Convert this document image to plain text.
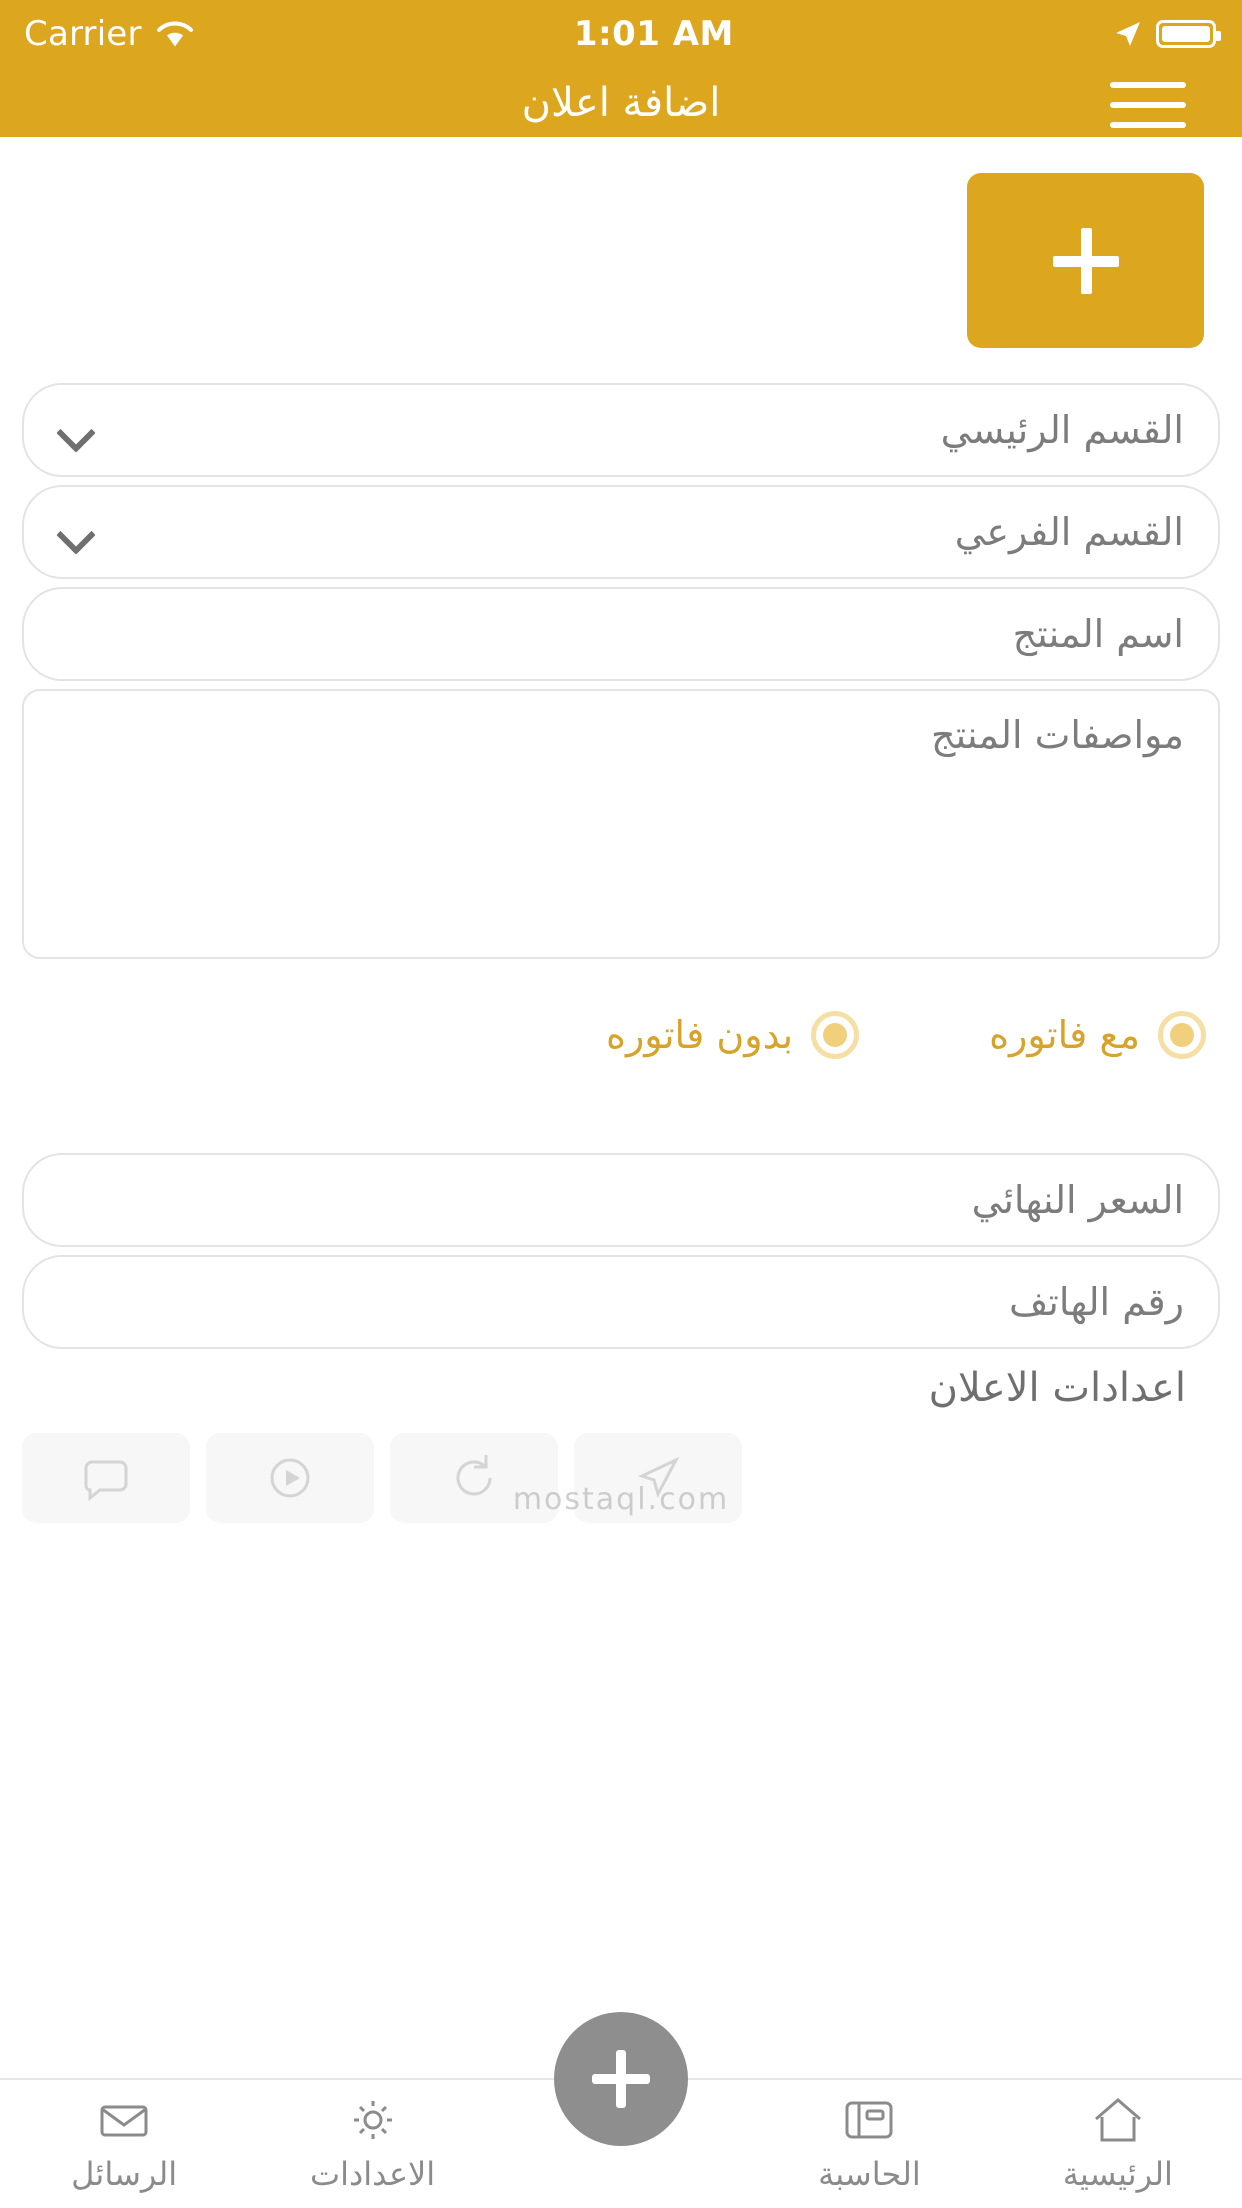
Carrier	1:01 AM
اضافة اعلان
القسم الرئيسي
القسم الفرعي
اسم المنتج
مواصفات المنتج
مع فاتوره
بدون فاتوره
السعر النهائي
رقم الهاتف
اعدادات الاعلان
mostaql.com
الرئيسية
الحاسبة
الاعدادات
الرسائل
